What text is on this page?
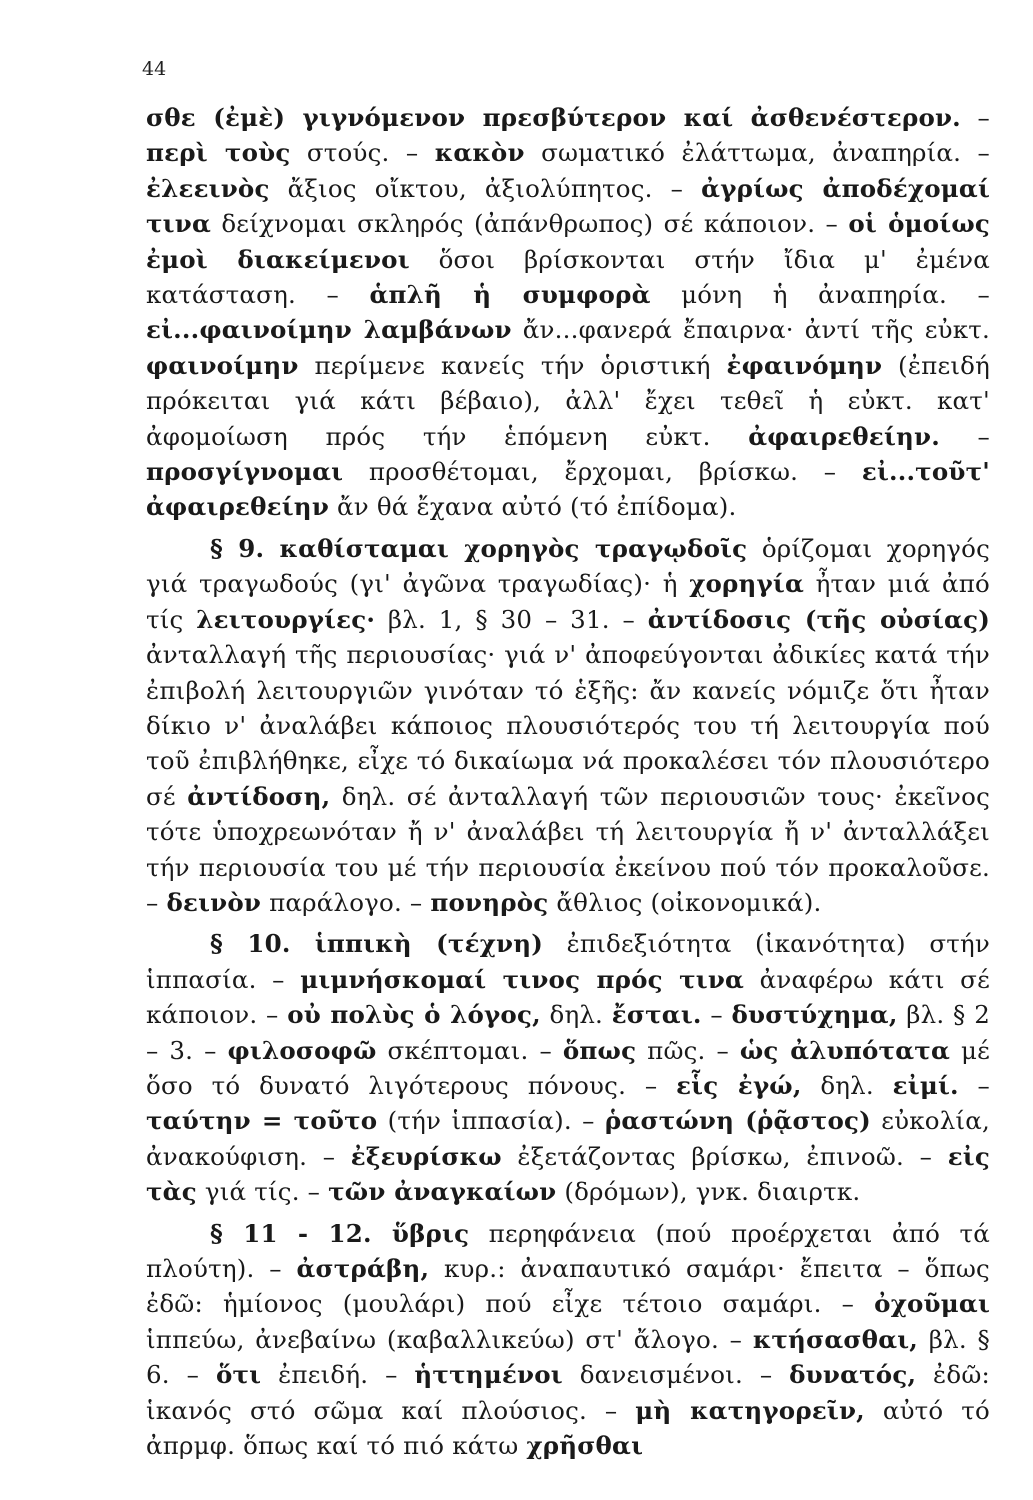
44

σθε (ἐμὲ) γιγνόμενον πρεσβύτερον καί ἀσθενέστερον. – περὶ τοὺς στούς. – κακὸν σωματικό ἐλάττωμα, ἀναπηρία. – ἐλεεινὸς ἄξιος οἴκτου, ἀξιολύπητος. – ἀγρίως ἀποδέχομαί τινα δείχνομαι σκληρός (ἀπάνθρωπος) σέ κάποιον. – οἱ ὁμοίως ἐμοὶ διακείμενοι ὅσοι βρίσκονται στήν ἴδια μ' ἐμένα κατάσταση. – ἁπλῆ ἡ συμφορὰ μόνη ἡ ἀναπηρία. – εἰ...φαινοίμην λαμβάνων ἄν...φανερά ἔπαιρνα· ἀντί τῆς εὐκτ. φαινοίμην περίμενε κανείς τήν ὁριστική ἐφαινόμην (ἐπειδή πρόκειται γιά κάτι βέβαιο), ἀλλ' ἔχει τεθεῖ ἡ εὐκτ. κατ' ἀφομοίωση πρός τήν ἑπόμενη εὐκτ. ἀφαιρεθείην. – προσγίγνομαι προσθέτομαι, ἔρχομαι, βρίσκω. – εἰ...τοῦτ' ἀφαιρεθείην ἄν θά ἔχανα αὐτό (τό ἐπίδομα).

§ 9. καθίσταμαι χορηγὸς τραγῳδοῖς ὁρίζομαι χορηγός γιά τραγωδούς (γι' ἀγῶνα τραγωδίας)· ἡ χορηγία ἦταν μιά ἀπό τίς λειτουργίες· βλ. 1, § 30 – 31. – ἀντίδοσις (τῆς οὐσίας) ἀνταλλαγή τῆς περιουσίας· γιά ν' ἀποφεύγονται ἀδικίες κατά τήν ἐπιβολή λειτουργιῶν γινόταν τό ἑξῆς: ἄν κανείς νόμιζε ὅτι ἦταν δίκιο ν' ἀναλάβει κάποιος πλουσιότερός του τή λειτουργία πού τοῦ ἐπιβλήθηκε, εἶχε τό δικαίωμα νά προκαλέσει τόν πλουσιότερο σέ ἀντίδοση, δηλ. σέ ἀνταλλαγή τῶν περιουσιῶν τους· ἐκεῖνος τότε ὑποχρεωνόταν ἤ ν' ἀναλάβει τή λειτουργία ἤ ν' ἀνταλλάξει τήν περιουσία του μέ τήν περιουσία ἐκείνου πού τόν προκαλοῦσε. – δεινὸν παράλογο. – πονηρὸς ἄθλιος (οἰκονομικά).

§ 10. ἱππικὴ (τέχνη) ἐπιδεξιότητα (ἱκανότητα) στήν ἱππασία. – μιμνήσκομαί τινος πρός τινα ἀναφέρω κάτι σέ κάποιον. – οὐ πολὺς ὁ λόγος, δηλ. ἔσται. – δυστύχημα, βλ. § 2 – 3. – φιλοσοφῶ σκέπτομαι. – ὅπως πῶς. – ὡς ἀλυπότατα μέ ὅσο τό δυνατό λιγότερους πόνους. – εἷς ἐγώ, δηλ. εἰμί. – ταύτην = τοῦτο (τήν ἱππασία). – ῥαστώνη (ῥᾷστος) εὐκολία, ἀνακούφιση. – ἐξευρίσκω ἐξετάζοντας βρίσκω, ἐπινοῶ. – εἰς τὰς γιά τίς. – τῶν ἀναγκαίων (δρόμων), γνκ. διαιρτκ.

§ 11 - 12. ὕβρις περηφάνεια (πού προέρχεται ἀπό τά πλούτη). – ἀστράβη, κυρ.: ἀναπαυτικό σαμάρι· ἔπειτα – ὅπως ἐδῶ: ἡμίονος (μουλάρι) πού εἶχε τέτοιο σαμάρι. – ὀχοῦμαι ἱππεύω, ἀνεβαίνω (καβαλλικεύω) στ' ἄλογο. – κτήσασθαι, βλ. § 6. – ὅτι ἐπειδή. – ἡττημένοι δανεισμένοι. – δυνατός, ἐδῶ: ἱκανός στό σῶμα καί πλούσιος. – μὴ κατηγορεῖν, αὐτό τό ἀπρμφ. ὅπως καί τό πιό κάτω χρῆσθαι
